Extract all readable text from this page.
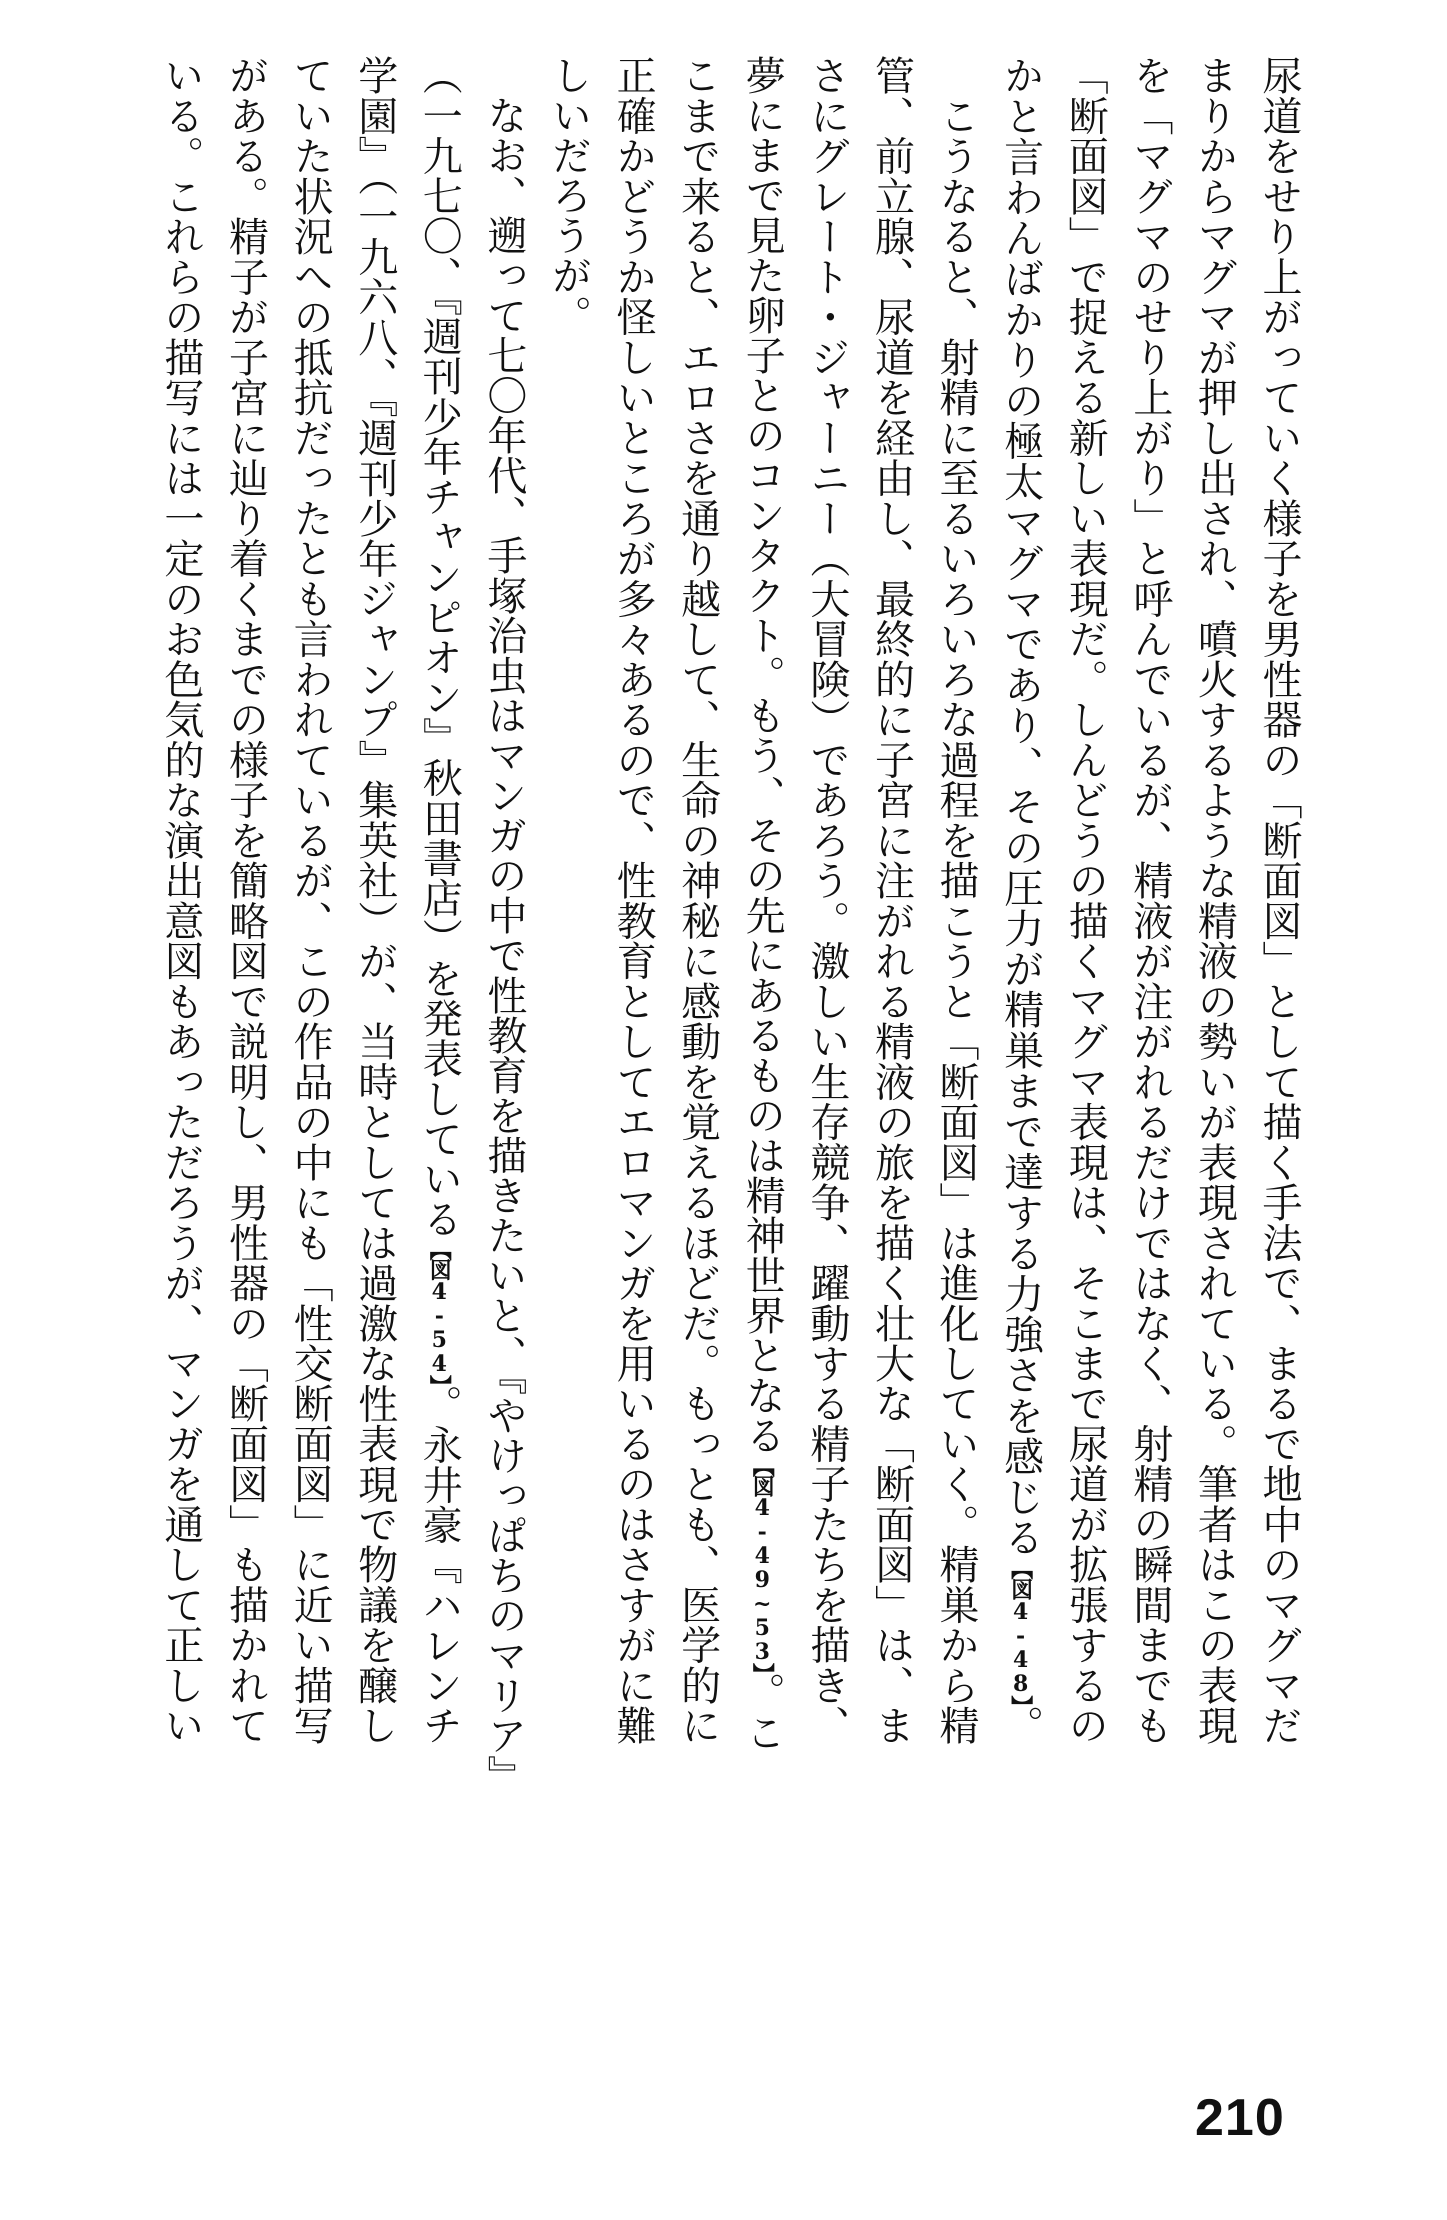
尿道をせり上がっていく様子を男性器の「断面図」として描く手法で、まるで地中のマグマだ
まりからマグマが押し出され、噴火するような精液の勢いが表現されている。筆者はこの表現
を「マグマのせり上がり」と呼んでいるが、精液が注がれるだけではなく、射精の瞬間までも
「断面図」で捉える新しい表現だ。しんどうの描くマグマ表現は、そこまで尿道が拡張するの
かと言わんばかりの極太マグマであり、その圧力が精巣まで達する力強さを感じる【図4-48】。
　こうなると、射精に至るいろいろな過程を描こうと「断面図」は進化していく。精巣から精
管、前立腺、尿道を経由し、最終的に子宮に注がれる精液の旅を描く壮大な「断面図」は、ま
さにグレート・ジャーニー（大冒険）であろう。激しい生存競争、躍動する精子たちを描き、
夢にまで見た卵子とのコンタクト。もう、その先にあるものは精神世界となる【図4-49~53】。こ
こまで来ると、エロさを通り越して、生命の神秘に感動を覚えるほどだ。もっとも、医学的に
正確かどうか怪しいところが多々あるので、性教育としてエロマンガを用いるのはさすがに難
しいだろうが。
　なお、遡って七〇年代、手塚治虫はマンガの中で性教育を描きたいと、『やけっぱちのマリア』
（一九七〇、『週刊少年チャンピオン』秋田書店）を発表している【図4-54】。永井豪『ハレンチ
学園』（一九六八、『週刊少年ジャンプ』集英社）が、当時としては過激な性表現で物議を醸し
ていた状況への抵抗だったとも言われているが、この作品の中にも「性交断面図」に近い描写
がある。精子が子宮に辿り着くまでの様子を簡略図で説明し、男性器の「断面図」も描かれて
いる。これらの描写には一定のお色気的な演出意図もあっただろうが、マンガを通して正しい
210
